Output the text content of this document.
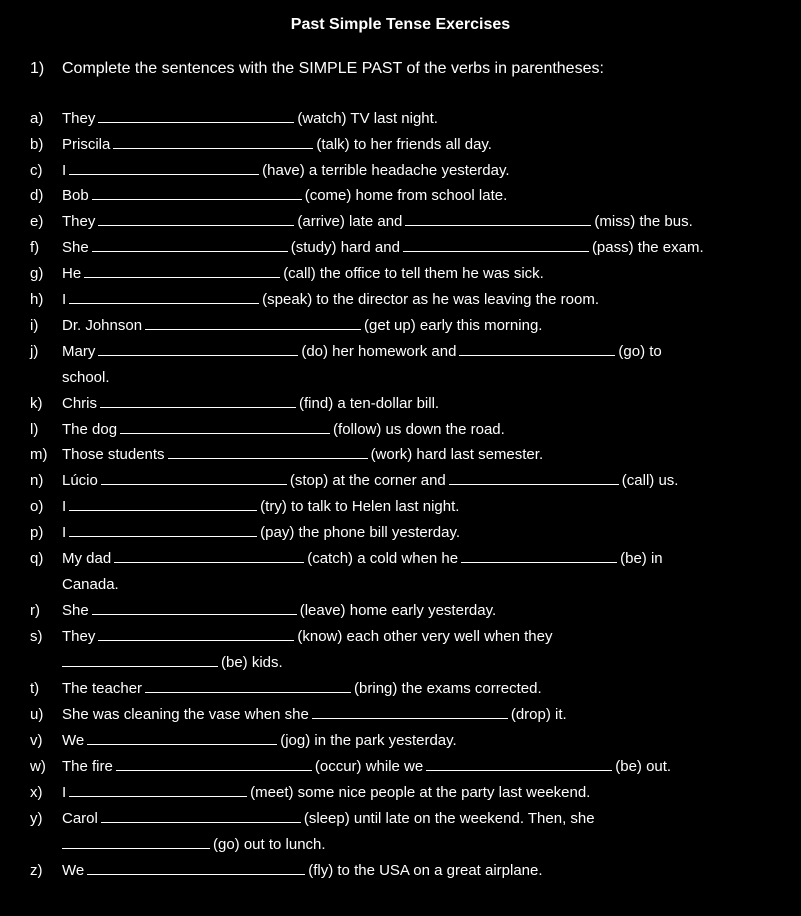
Past Simple Tense Exercises
1) Complete the sentences with the SIMPLE PAST of the verbs in parentheses:
a) They	(watch) TV last night.
b) Priscila	(talk) to her friends all day.
c) I	(have) a terrible headache yesterday.
d) Bob	(come) home from school late.
e) They	(arrive) late and	(miss) the bus.
f) She	(study) hard and	(pass) the exam.
g) He	(call) the office to tell them he was sick.
h) I	(speak) to the director as he was leaving the room.
i) Dr. Johnson	(get up) early this morning.
j) Mary	(do) her homework and	(go) to
school.
k) Chris	(find) a ten-dollar bill.
l) The dog	(follow) us down the road.
m) Those students	(work) hard last semester.
n) Lúcio	(stop) at the corner and	(call) us.
o) I	(try) to talk to Helen last night.
p) I	(pay) the phone bill yesterday.
q) My dad	(catch) a cold when he	(be) in
Canada.
r) She	(leave) home early yesterday.
s) They	(know) each other very well when they
(be) kids.
t) The teacher	(bring) the exams corrected.
u) She was cleaning the vase when she	(drop) it.
v) We	(jog) in the park yesterday.
w) The fire	(occur) while we	(be) out.
x) I	(meet) some nice people at the party last weekend.
y) Carol	(sleep) until late on the weekend. Then, she
(go) out to lunch.
z) We	(fly) to the USA on a great airplane.
